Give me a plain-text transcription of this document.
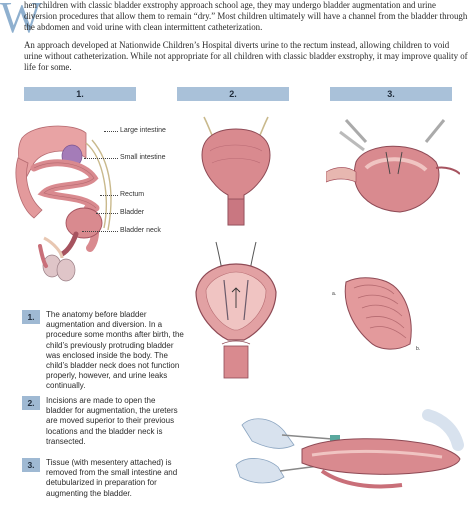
W

hen children with classic bladder exstrophy approach school age, they may undergo bladder augmentation and urine diversion procedures that allow them to remain “dry.” Most children ultimately will have a channel from the bladder through the abdomen and void urine with clean intermittent catheterization.

An approach developed at Nationwide Children’s Hospital diverts urine to the rectum instead, allowing children to void urine without catheterization. While not appropriate for all children with classic bladder exstrophy, it may improve quality of life for some.

1.	2.	3.
Large intestine
Small intestine
Rectum
Bladder
Bladder neck
a.
b.
1.	The anatomy before bladder augmentation and diversion. In a procedure some months after birth, the child’s previously protruding bladder was enclosed inside the body. The child’s bladder neck does not function properly, however, and urine leaks continually.
2.	Incisions are made to open the bladder for augmentation, the ureters are moved superior to their previous locations and the bladder neck is transected.
3.	Tissue (with mesentery attached) is removed from the small intestine and detubularized in preparation for augmenting the bladder.
